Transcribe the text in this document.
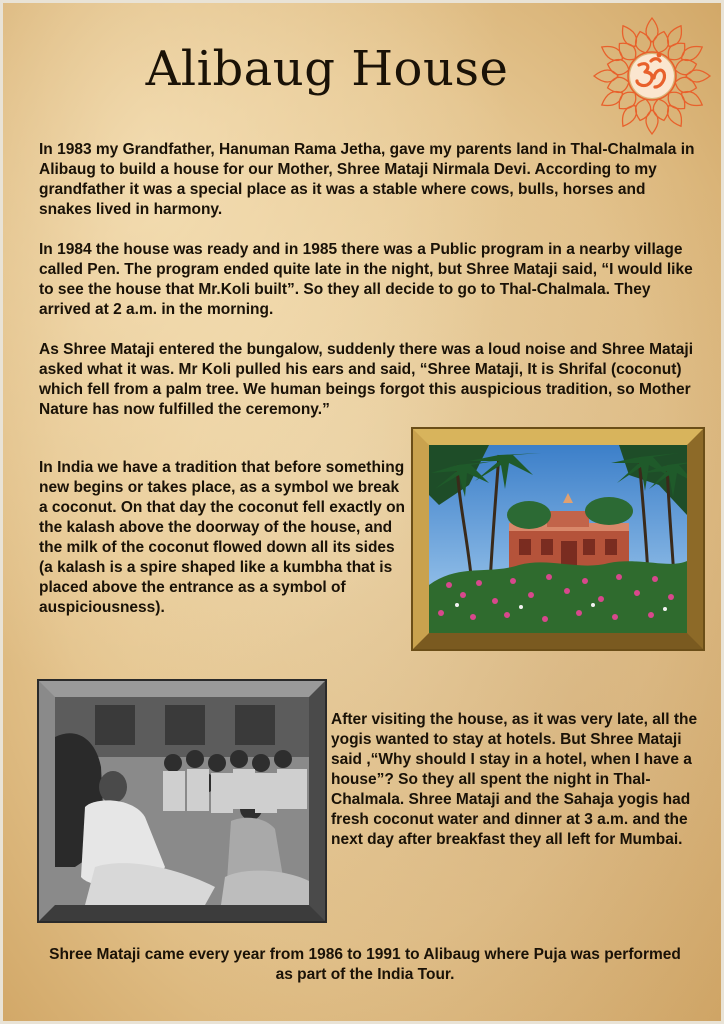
Alibaug House

In 1983 my Grandfather, Hanuman Rama Jetha, gave my parents land in Thal-Chalmala in Alibaug to build a house for our Mother, Shree Mataji Nirmala Devi. According to my grandfather it was a special place as it was a stable where cows, bulls, horses and snakes lived in harmony.

In 1984 the house was ready and in 1985 there was a Public program in a nearby village called Pen. The program ended quite late in the night, but Shree Mataji said, “I would like to see the house that Mr.Koli built”. So they all decide to go to Thal-Chalmala. They arrived at 2 a.m. in the morning.

As Shree Mataji entered the bungalow, suddenly there was a loud noise and Shree Mataji asked what it was. Mr Koli pulled his ears and said, “Shree Mataji, It is Shrifal (coconut) which fell from a palm tree. We human beings forgot this auspicious tradition, so Mother Nature has now fulfilled the ceremony.”

In India we have a tradition that before something new begins or takes place, as a symbol we break a coconut. On that day the coconut fell exactly on the kalash above the doorway of the house, and the milk of the coconut flowed down all its sides (a kalash is a spire shaped like a kumbha that is placed above the entrance as a symbol of auspiciousness).

After visiting the house, as it was very late, all the yogis wanted to stay at hotels. But Shree Mataji said ,“Why should I stay in a hotel, when I have a house”? So they all spent the night in Thal-Chalmala. Shree Mataji and the Sahaja yogis had fresh coconut water and dinner at 3 a.m. and the next day after breakfast they all left for Mumbai.

Shree Mataji came every year from 1986 to 1991 to Alibaug where Puja was performed as part of the India Tour.
